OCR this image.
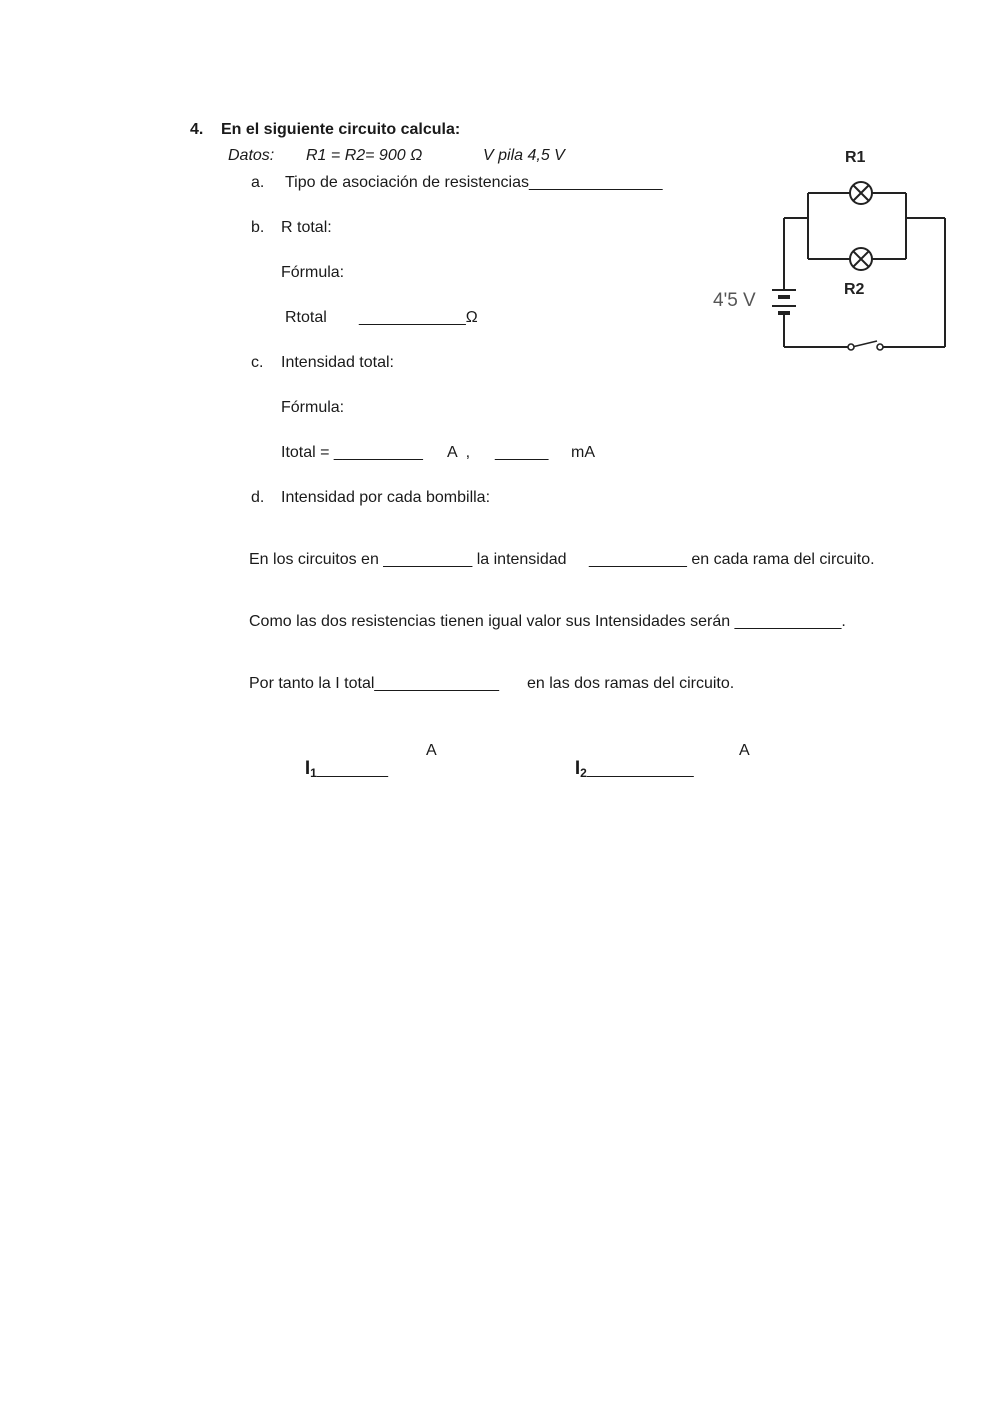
4. En el siguiente circuito calcula:
Datos: R1 = R2= 900 Ω	V pila 4,5 V
a. Tipo de asociación de resistencias_______________
b. R total:
Fórmula:
Rtotal ____________Ω
c. Intensidad total:
Fórmula:
Itotal = __________ A  , ______ mA
d. Intensidad por cada bombilla:
En los circuitos en __________ la intensidad ___________ en cada rama del circuito.
Como las dos resistencias tienen igual valor sus Intensidades serán ____________.
Por tanto la I total______________ en las dos ramas del circuito.

$I_1\_\_\_\_\_\_\_\_$

A

$I_2\_\_\_\_\_\_\_\_\_\_\_\_$

A
R1
R2
4'5 V
